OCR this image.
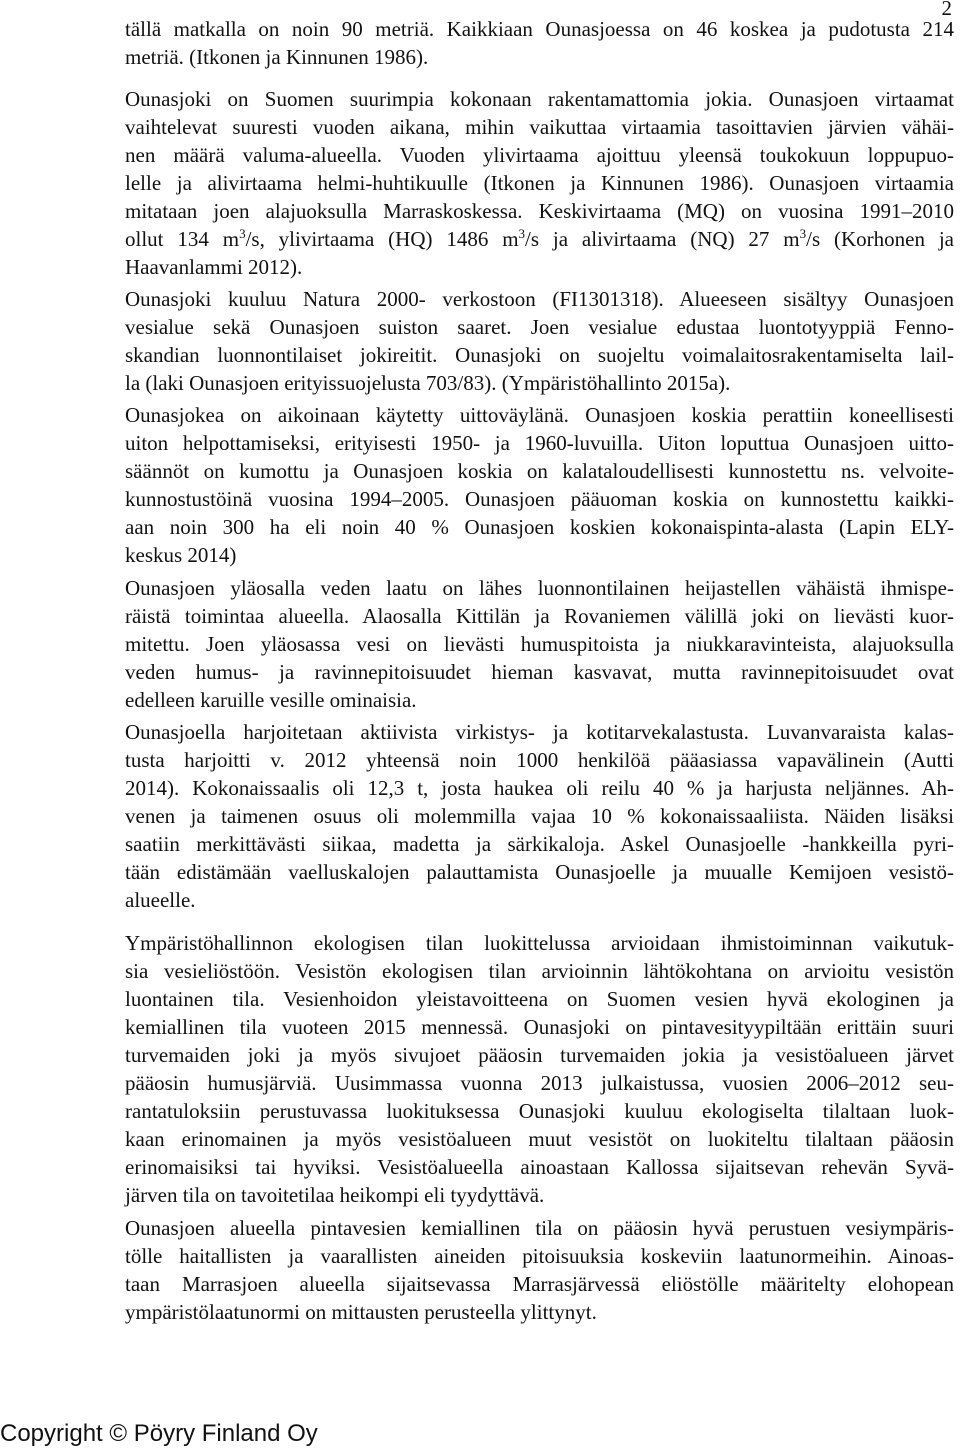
2
tällä matkalla on noin 90 metriä. Kaikkiaan Ounasjoessa on 46 koskea ja pudotusta 214
metriä. (Itkonen ja Kinnunen 1986).
Ounasjoki on Suomen suurimpia kokonaan rakentamattomia jokia. Ounasjoen virtaamat
vaihtelevat suuresti vuoden aikana, mihin vaikuttaa virtaamia tasoittavien järvien vähäi-
nen määrä valuma-alueella. Vuoden ylivirtaama ajoittuu yleensä toukokuun loppupuo-
lelle ja alivirtaama helmi-huhtikuulle (Itkonen ja Kinnunen 1986). Ounasjoen virtaamia
mitataan joen alajuoksulla Marraskoskessa. Keskivirtaama (MQ) on vuosina 1991–2010
ollut 134 $m^3/s$, ylivirtaama (HQ) 1486 $m^3/s$ ja alivirtaama (NQ) 27 $m^3/s$ (Korhonen ja
Haavanlammi 2012).
Ounasjoki kuuluu Natura 2000- verkostoon (FI1301318). Alueeseen sisältyy Ounasjoen
vesialue sekä Ounasjoen suiston saaret. Joen vesialue edustaa luontotyyppiä Fenno-
skandian luonnontilaiset jokireitit. Ounasjoki on suojeltu voimalaitosrakentamiselta lail-
la (laki Ounasjoen erityissuojelusta 703/83). (Ympäristöhallinto 2015a).
Ounasjokea on aikoinaan käytetty uittoväylänä. Ounasjoen koskia perattiin koneellisesti
uiton helpottamiseksi, erityisesti 1950- ja 1960-luvuilla. Uiton loputtua Ounasjoen uitto-
säännöt on kumottu ja Ounasjoen koskia on kalataloudellisesti kunnostettu ns. velvoite-
kunnostustöinä vuosina 1994–2005. Ounasjoen pääuoman koskia on kunnostettu kaikki-
aan noin 300 ha eli noin 40 % Ounasjoen koskien kokonaispinta-alasta (Lapin ELY-
keskus 2014)
Ounasjoen yläosalla veden laatu on lähes luonnontilainen heijastellen vähäistä ihmispe-
räistä toimintaa alueella. Alaosalla Kittilän ja Rovaniemen välillä joki on lievästi kuor-
mitettu. Joen yläosassa vesi on lievästi humuspitoista ja niukkaravinteista, alajuoksulla
veden humus- ja ravinnepitoisuudet hieman kasvavat, mutta ravinnepitoisuudet ovat
edelleen karuille vesille ominaisia.
Ounasjoella harjoitetaan aktiivista virkistys- ja kotitarvekalastusta. Luvanvaraista kalas-
tusta harjoitti v. 2012 yhteensä noin 1000 henkilöä pääasiassa vapavälinein (Autti
2014). Kokonaissaalis oli 12,3 t, josta haukea oli reilu 40 % ja harjusta neljännes. Ah-
venen ja taimenen osuus oli molemmilla vajaa 10 % kokonaissaaliista. Näiden lisäksi
saatiin merkittävästi siikaa, madetta ja särkikaloja. Askel Ounasjoelle -hankkeilla pyri-
tään edistämään vaelluskalojen palauttamista Ounasjoelle ja muualle Kemijoen vesistö-
alueelle.
Ympäristöhallinnon ekologisen tilan luokittelussa arvioidaan ihmistoiminnan vaikutuk-
sia vesieliöstöön. Vesistön ekologisen tilan arvioinnin lähtökohtana on arvioitu vesistön
luontainen tila. Vesienhoidon yleistavoitteena on Suomen vesien hyvä ekologinen ja
kemiallinen tila vuoteen 2015 mennessä. Ounasjoki on pintavesityypiltään erittäin suuri
turvemaiden joki ja myös sivujoet pääosin turvemaiden jokia ja vesistöalueen järvet
pääosin humusjärviä. Uusimmassa vuonna 2013 julkaistussa, vuosien 2006–2012 seu-
rantatuloksiin perustuvassa luokituksessa Ounasjoki kuuluu ekologiselta tilaltaan luok-
kaan erinomainen ja myös vesistöalueen muut vesistöt on luokiteltu tilaltaan pääosin
erinomaisiksi tai hyviksi. Vesistöalueella ainoastaan Kallossa sijaitsevan rehevän Syvä-
järven tila on tavoitetilaa heikompi eli tyydyttävä.
Ounasjoen alueella pintavesien kemiallinen tila on pääosin hyvä perustuen vesiympäris-
tölle haitallisten ja vaarallisten aineiden pitoisuuksia koskeviin laatunormeihin. Ainoas-
taan Marrasjoen alueella sijaitsevassa Marrasjärvessä eliöstölle määritelty elohopean
ympäristölaatunormi on mittausten perusteella ylittynyt.
Copyright © Pöyry Finland Oy
